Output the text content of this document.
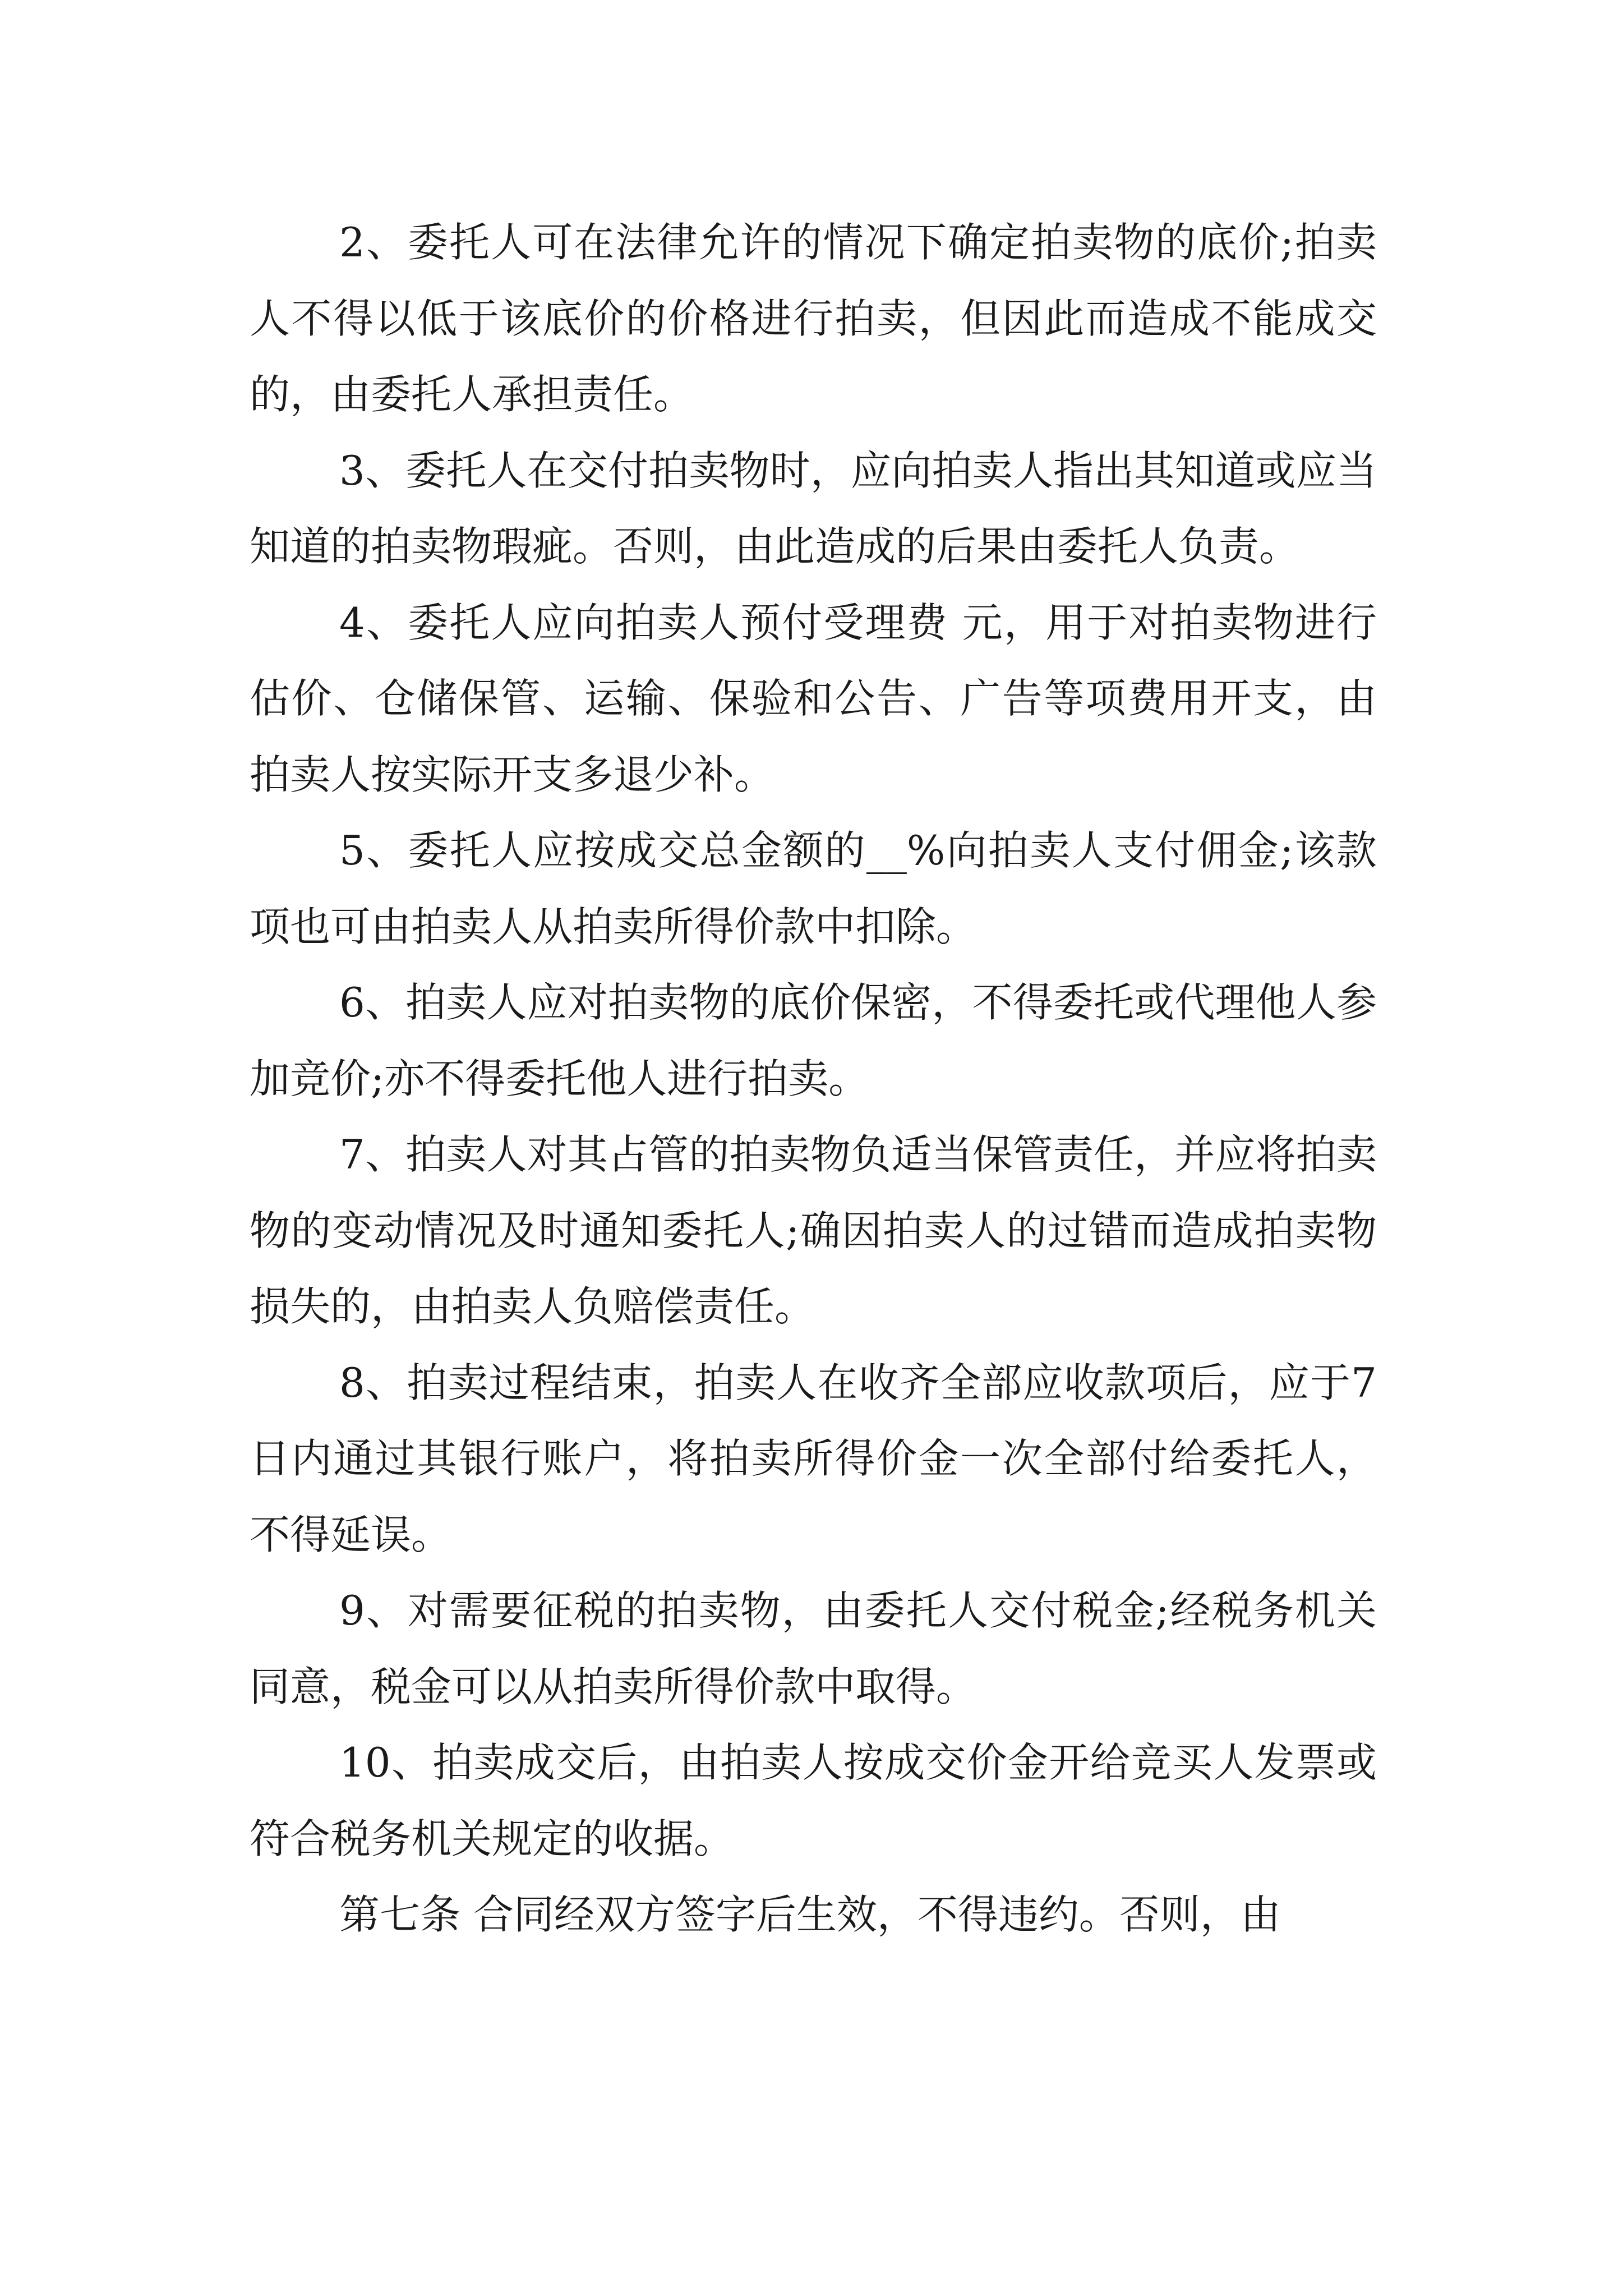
2、委托人可在法律允许的情况下确定拍卖物的底价;拍卖人不得以低于该底价的价格进行拍卖，但因此而造成不能成交的，由委托人承担责任。

3、委托人在交付拍卖物时，应向拍卖人指出其知道或应当知道的拍卖物瑕疵。否则，由此造成的后果由委托人负责。

4、委托人应向拍卖人预付受理费 元，用于对拍卖物进行估价、仓储保管、运输、保验和公告、广告等项费用开支，由拍卖人按实际开支多退少补。

5、委托人应按成交总金额的__%向拍卖人支付佣金;该款项也可由拍卖人从拍卖所得价款中扣除。

6、拍卖人应对拍卖物的底价保密，不得委托或代理他人参加竞价;亦不得委托他人进行拍卖。

7、拍卖人对其占管的拍卖物负适当保管责任，并应将拍卖物的变动情况及时通知委托人;确因拍卖人的过错而造成拍卖物损失的，由拍卖人负赔偿责任。

8、拍卖过程结束，拍卖人在收齐全部应收款项后，应于7日内通过其银行账户，将拍卖所得价金一次全部付给委托人，不得延误。

9、对需要征税的拍卖物，由委托人交付税金;经税务机关同意，税金可以从拍卖所得价款中取得。

10、拍卖成交后，由拍卖人按成交价金开给竞买人发票或符合税务机关规定的收据。

第七条 合同经双方签字后生效，不得违约。否则，由
